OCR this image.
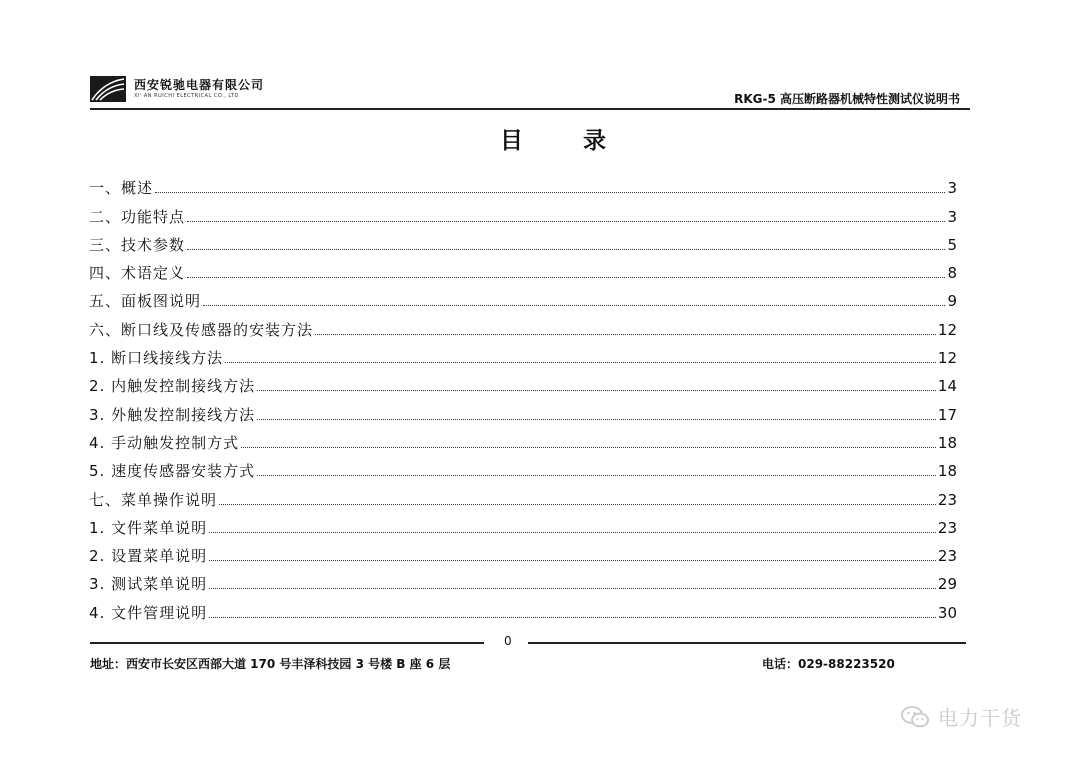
西安锐驰电器有限公司
XI' AN RUICHI ELECTRICAL CO., LTD	RKG-5 高压断路器机械特性测试仪说明书
目 录
一、概述	3
二、功能特点	3
三、技术参数	5
四、术语定义	8
五、面板图说明	9
六、断口线及传感器的安装方法	12
1. 断口线接线方法	12
2. 内触发控制接线方法	14
3. 外触发控制接线方法	17
4. 手动触发控制方式	18
5. 速度传感器安装方式	18
七、菜单操作说明	23
1. 文件菜单说明	23
2. 设置菜单说明	23
3. 测试菜单说明	29
4. 文件管理说明	30
0
地址：西安市长安区西部大道 170 号丰泽科技园 3 号楼 B 座 6 层	电话：029-88223520
电力干货
